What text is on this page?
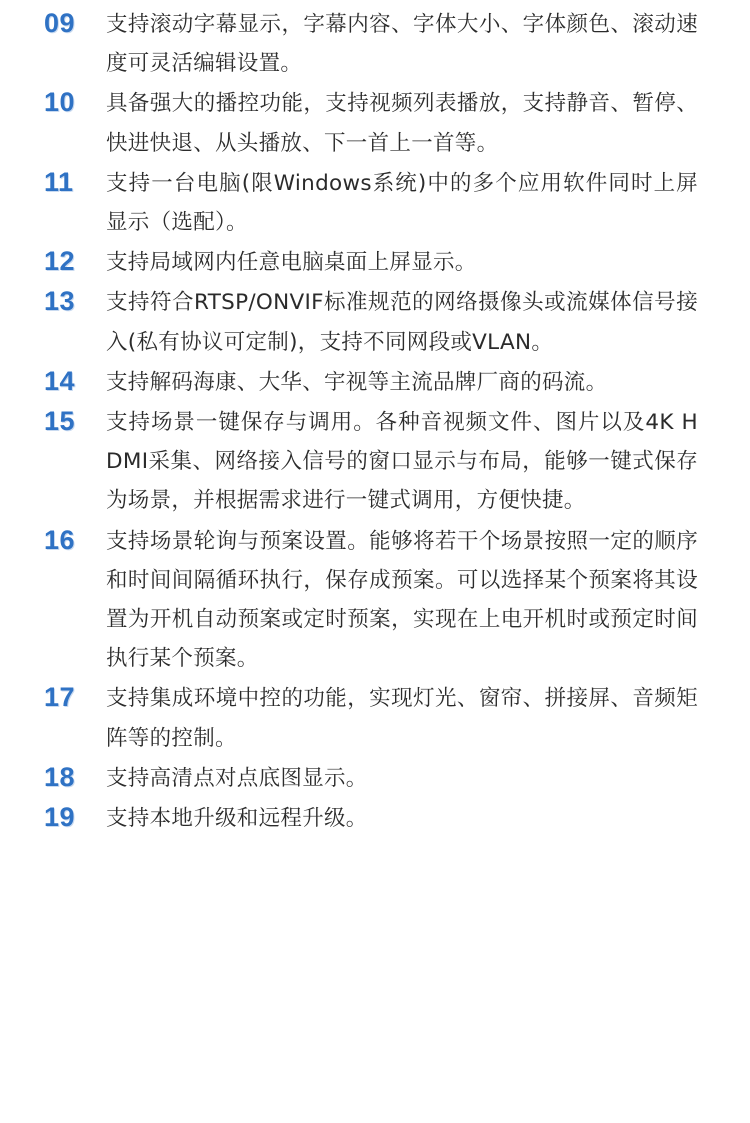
09	支持滚动字幕显示，字幕内容、字体大小、字体颜色、滚动速度可灵活编辑设置。
10	具备强大的播控功能，支持视频列表播放，支持静音、暂停、快进快退、从头播放、下一首上一首等。
11	支持一台电脑(限Windows系统)中的多个应用软件同时上屏显示（选配）。
12	支持局域网内任意电脑桌面上屏显示。
13	支持符合RTSP/ONVIF标准规范的网络摄像头或流媒体信号接入(私有协议可定制)，支持不同网段或VLAN。
14	支持解码海康、大华、宇视等主流品牌厂商的码流。
15	支持场景一键保存与调用。各种音视频文件、图片以及4K HDMI采集、网络接入信号的窗口显示与布局，能够一键式保存为场景，并根据需求进行一键式调用，方便快捷。
16	支持场景轮询与预案设置。能够将若干个场景按照一定的顺序和时间间隔循环执行，保存成预案。可以选择某个预案将其设置为开机自动预案或定时预案，实现在上电开机时或预定时间执行某个预案。
17	支持集成环境中控的功能，实现灯光、窗帘、拼接屏、音频矩阵等的控制。
18	支持高清点对点底图显示。
19	支持本地升级和远程升级。
